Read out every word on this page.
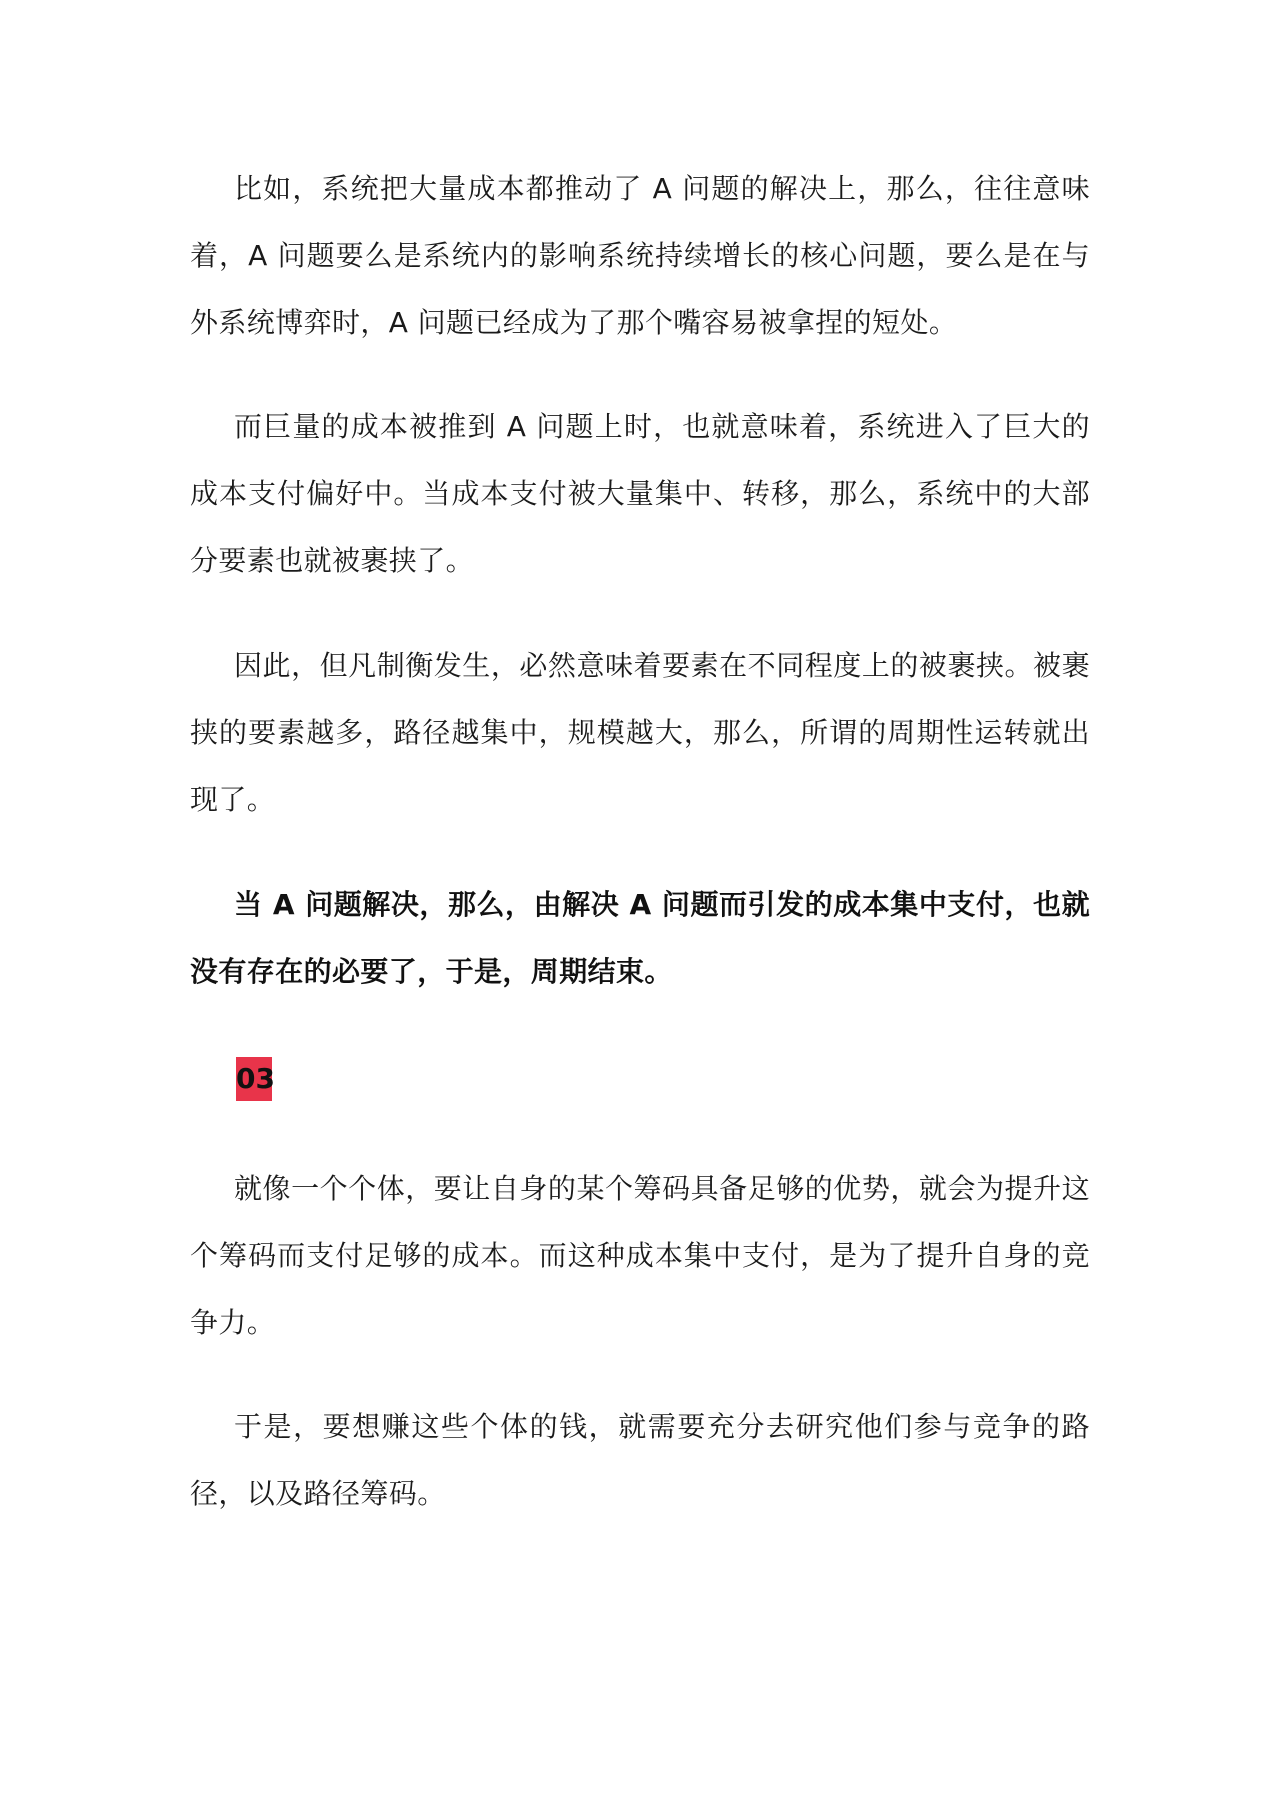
比如，系统把大量成本都推动了 A 问题的解决上，那么，往往意味着，A 问题要么是系统内的影响系统持续增长的核心问题，要么是在与外系统博弈时，A 问题已经成为了那个嘴容易被拿捏的短处。

而巨量的成本被推到 A 问题上时，也就意味着，系统进入了巨大的成本支付偏好中。当成本支付被大量集中、转移，那么，系统中的大部分要素也就被裹挟了。

因此，但凡制衡发生，必然意味着要素在不同程度上的被裹挟。被裹挟的要素越多，路径越集中，规模越大，那么，所谓的周期性运转就出现了。

当 A 问题解决，那么，由解决 A 问题而引发的成本集中支付，也就没有存在的必要了，于是，周期结束。

03

就像一个个体，要让自身的某个筹码具备足够的优势，就会为提升这个筹码而支付足够的成本。而这种成本集中支付，是为了提升自身的竞争力。

于是，要想赚这些个体的钱，就需要充分去研究他们参与竞争的路径，以及路径筹码。
